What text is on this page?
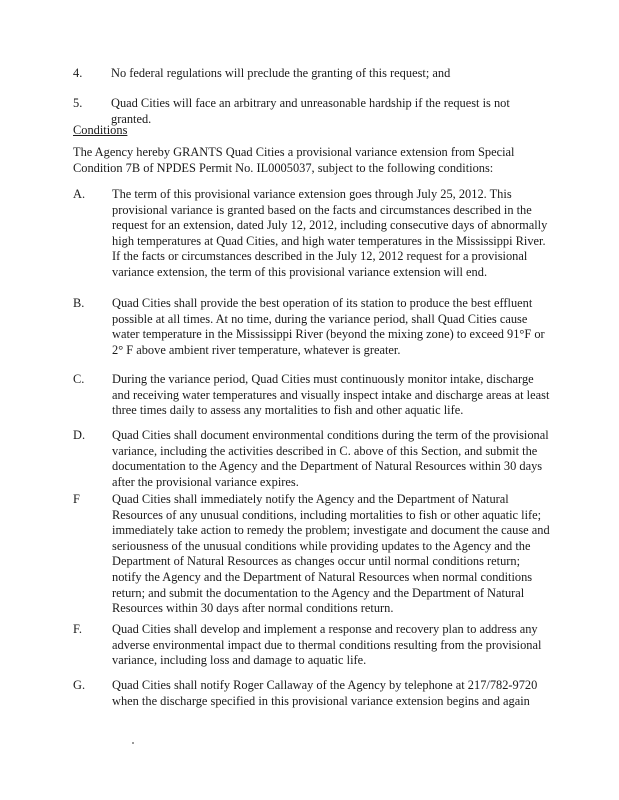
4.	No federal regulations will preclude the granting of this request; and
5.	Quad Cities will face an arbitrary and unreasonable hardship if the request is not granted.
Conditions
The Agency hereby GRANTS Quad Cities a provisional variance extension from Special Condition 7B of NPDES Permit No. IL0005037, subject to the following conditions:
A.	The term of this provisional variance extension goes through July 25, 2012. This provisional variance is granted based on the facts and circumstances described in the request for an extension, dated July 12, 2012, including consecutive days of abnormally high temperatures at Quad Cities, and high water temperatures in the Mississippi River. If the facts or circumstances described in the July 12, 2012 request for a provisional variance extension, the term of this provisional variance extension will end.
B.	Quad Cities shall provide the best operation of its station to produce the best effluent possible at all times. At no time, during the variance period, shall Quad Cities cause water temperature in the Mississippi River (beyond the mixing zone) to exceed 91°F or 2° F above ambient river temperature, whatever is greater.
C.	During the variance period, Quad Cities must continuously monitor intake, discharge and receiving water temperatures and visually inspect intake and discharge areas at least three times daily to assess any mortalities to fish and other aquatic life.
D.	Quad Cities shall document environmental conditions during the term of the provisional variance, including the activities described in C. above of this Section, and submit the documentation to the Agency and the Department of Natural Resources within 30 days after the provisional variance expires.
F	Quad Cities shall immediately notify the Agency and the Department of Natural Resources of any unusual conditions, including mortalities to fish or other aquatic life; immediately take action to remedy the problem; investigate and document the cause and seriousness of the unusual conditions while providing updates to the Agency and the Department of Natural Resources as changes occur until normal conditions return; notify the Agency and the Department of Natural Resources when normal conditions return; and submit the documentation to the Agency and the Department of Natural Resources within 30 days after normal conditions return.
F.	Quad Cities shall develop and implement a response and recovery plan to address any adverse environmental impact due to thermal conditions resulting from the provisional variance, including loss and damage to aquatic life.
G.	Quad Cities shall notify Roger Callaway of the Agency by telephone at 217/782-9720 when the discharge specified in this provisional variance extension begins and again
